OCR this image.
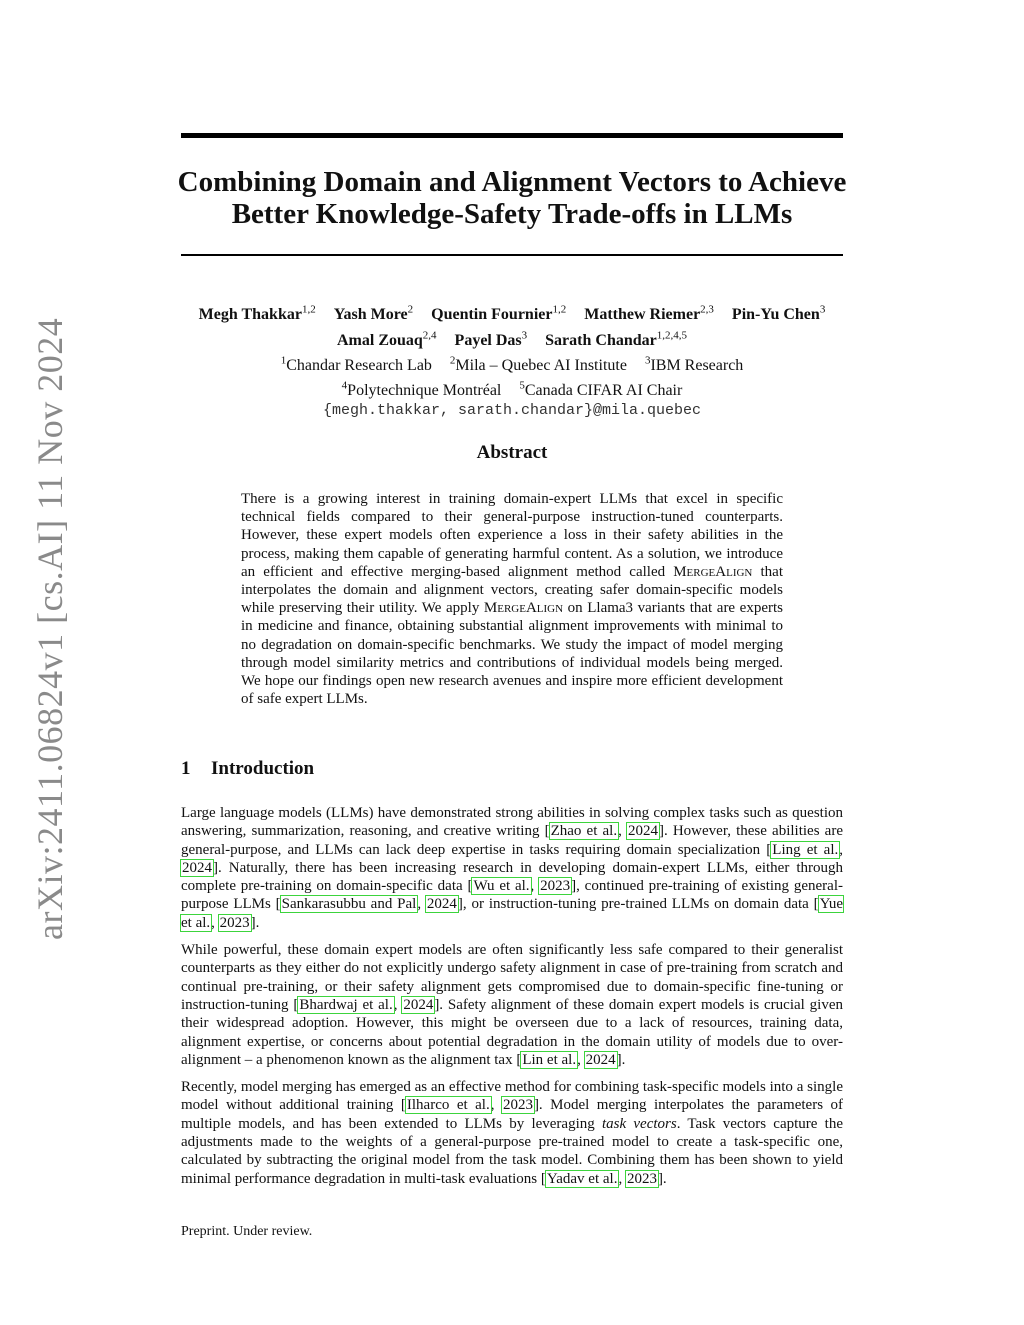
arXiv:2411.06824v1 [cs.AI] 11 Nov 2024
Combining Domain and Alignment Vectors to Achieve
Better Knowledge-Safety Trade-offs in LLMs
Megh Thakkar$^{1,2}$ Yash More$^2$ Quentin Fournier$^{1,2}$ Matthew Riemer$^{2,3}$ Pin-Yu Chen$^3$
Amal Zouaq$^{2,4}$ Payel Das$^3$ Sarath Chandar$^{1,2,4,5}$
$^1$Chandar Research Lab $^2$Mila – Quebec AI Institute $^3$IBM Research
$^4$Polytechnique Montréal $^5$Canada CIFAR AI Chair
{megh.thakkar, sarath.chandar}@mila.quebec
Abstract
There is a growing interest in training domain-expert LLMs that excel in specific technical fields compared to their general-purpose instruction-tuned counterparts. However, these expert models often experience a loss in their safety abilities in the process, making them capable of generating harmful content. As a solution, we introduce an efficient and effective merging-based alignment method called MergeAlign that interpolates the domain and alignment vectors, creating safer domain-specific models while preserving their utility. We apply MergeAlign on Llama3 variants that are experts in medicine and finance, obtaining substantial alignment improvements with minimal to no degradation on domain-specific benchmarks. We study the impact of model merging through model similarity metrics and contributions of individual models being merged. We hope our findings open new research avenues and inspire more efficient development of safe expert LLMs.
1 Introduction

Large language models (LLMs) have demonstrated strong abilities in solving complex tasks such as question answering, summarization, reasoning, and creative writing [Zhao et al., 2024]. However, these abilities are general-purpose, and LLMs can lack deep expertise in tasks requiring domain specialization [Ling et al., 2024]. Naturally, there has been increasing research in developing domain-expert LLMs, either through complete pre-training on domain-specific data [Wu et al., 2023], continued pre-training of existing general-purpose LLMs [Sankarasubbu and Pal, 2024], or instruction-tuning pre-trained LLMs on domain data [Yue et al., 2023].

While powerful, these domain expert models are often significantly less safe compared to their generalist counterparts as they either do not explicitly undergo safety alignment in case of pre-training from scratch and continual pre-training, or their safety alignment gets compromised due to domain-specific fine-tuning or instruction-tuning [Bhardwaj et al., 2024]. Safety alignment of these domain expert models is crucial given their widespread adoption. However, this might be overseen due to a lack of resources, training data, alignment expertise, or concerns about potential degradation in the domain utility of models due to over-alignment – a phenomenon known as the alignment tax [Lin et al., 2024].

Recently, model merging has emerged as an effective method for combining task-specific models into a single model without additional training [Ilharco et al., 2023]. Model merging interpolates the parameters of multiple models, and has been extended to LLMs by leveraging task vectors. Task vectors capture the adjustments made to the weights of a general-purpose pre-trained model to create a task-specific one, calculated by subtracting the original model from the task model. Combining them has been shown to yield minimal performance degradation in multi-task evaluations [Yadav et al., 2023].

Preprint. Under review.
